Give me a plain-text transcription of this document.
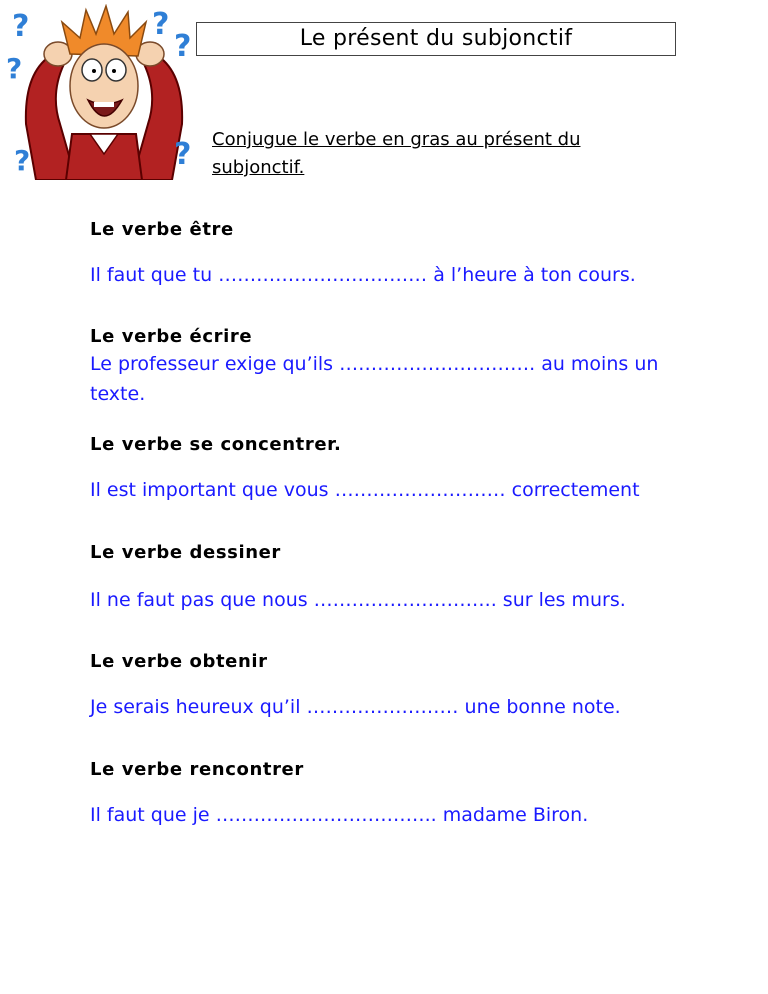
?
?
?
?
?	?
Le présent du subjonctif
Conjugue le verbe en gras au présent du subjonctif.

Le verbe être

Il faut que tu …………………………… à l’heure à ton cours.

Le verbe écrire

Le professeur exige qu’ils …………………………. au moins un texte.

Le verbe se concentrer.

Il est important que vous ……………………… correctement

Le verbe dessiner

Il ne faut pas que nous ……………………….. sur les murs.

Le verbe obtenir

Je serais heureux qu’il …………………… une bonne note.

Le verbe rencontrer

Il faut que je …………………………….. madame Biron.
